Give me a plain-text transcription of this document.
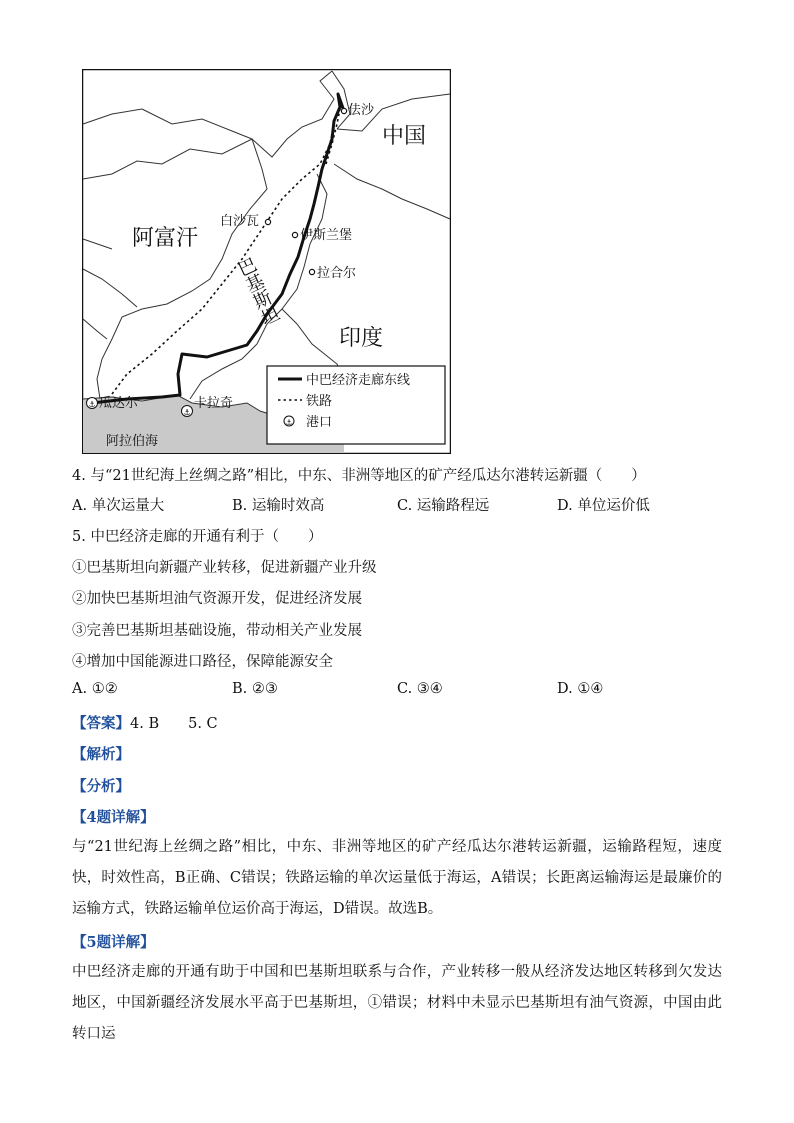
⚓
⚓
佉沙
中国
白沙瓦
阿富汗	伊斯兰堡
拉合尔
巴基斯坦
印度
瓜达尔	卡拉奇
阿拉伯海
中巴经济走廊东线
铁路
⚓ 港口
4. 与“21世纪海上丝绸之路”相比，中东、非洲等地区的矿产经瓜达尔港转运新疆（　　）
A. 单次运量大	B. 运输时效高	C. 运输路程远	D. 单位运价低
5. 中巴经济走廊的开通有利于（　　）
①巴基斯坦向新疆产业转移，促进新疆产业升级
②加快巴基斯坦油气资源开发，促进经济发展
③完善巴基斯坦基础设施，带动相关产业发展
④增加中国能源进口路径，保障能源安全
A. ①②	B. ②③	C. ③④	D. ①④
【答案】4. B　　5. C
【解析】
【分析】
【4题详解】
与“21世纪海上丝绸之路”相比，中东、非洲等地区的矿产经瓜达尔港转运新疆，运输路程短，速度快，时效性高，B正确、C错误；铁路运输的单次运量低于海运，A错误；长距离运输海运是最廉价的运输方式，铁路运输单位运价高于海运，D错误。故选B。
【5题详解】
中巴经济走廊的开通有助于中国和巴基斯坦联系与合作，产业转移一般从经济发达地区转移到欠发达地区，中国新疆经济发展水平高于巴基斯坦，①错误；材料中未显示巴基斯坦有油气资源，中国由此转口运
